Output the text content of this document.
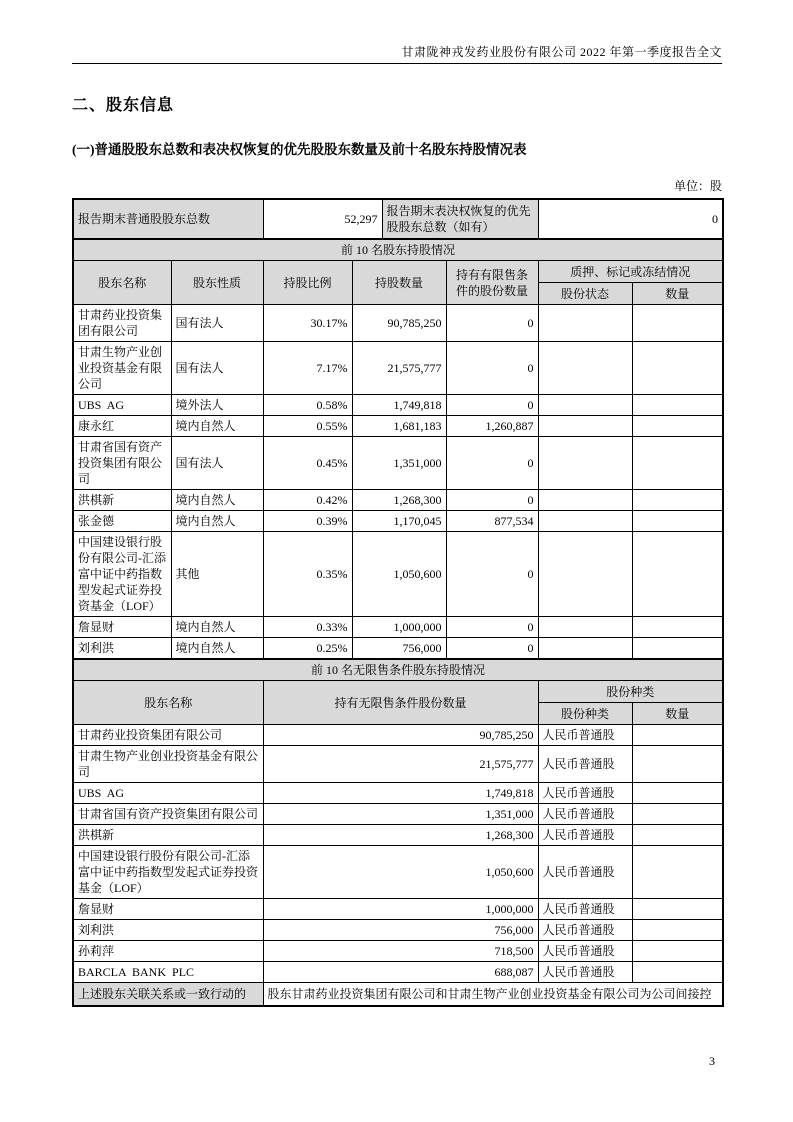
甘肃陇神戎发药业股份有限公司 2022 年第一季度报告全文
二、股东信息
(一)普通股股东总数和表决权恢复的优先股股东数量及前十名股东持股情况表
单位：股
报告期末普通股股东总数		52,297		报告期末表决权恢复的优先股股东总数（如有）		0	
前 10 名股东持股情况							
股东名称	股东性质	持股比例	持股数量		持有有限售条件的股份数量	质押、标记或冻结情况	
						股份状态	数量
甘肃药业投资集团有限公司	国有法人	30.17%	90,785,250		0		
甘肃生物产业创业投资基金有限公司	国有法人	7.17%	21,575,777		0		
UBS  AG	境外法人	0.58%	1,749,818		0		
康永红	境内自然人	0.55%	1,681,183		1,260,887		
甘肃省国有资产投资集团有限公司	国有法人	0.45%	1,351,000		0		
洪棋新	境内自然人	0.42%	1,268,300		0		
张金德	境内自然人	0.39%	1,170,045		877,534		
中国建设银行股份有限公司-汇添富中证中药指数型发起式证券投资基金（LOF）	其他	0.35%	1,050,600		0		
詹显财	境内自然人	0.33%	1,000,000		0		
刘利洪	境内自然人	0.25%	756,000		0		
前 10 名无限售条件股东持股情况							
股东名称		持有无限售条件股份数量				股份种类	
						股份种类	数量
甘肃药业投资集团有限公司		90,785,250				人民币普通股	
甘肃生物产业创业投资基金有限公司		21,575,777				人民币普通股	
UBS  AG		1,749,818				人民币普通股	
甘肃省国有资产投资集团有限公司		1,351,000				人民币普通股	
洪棋新		1,268,300				人民币普通股	
中国建设银行股份有限公司-汇添富中证中药指数型发起式证券投资基金（LOF）		1,050,600				人民币普通股	
詹显财		1,000,000				人民币普通股	
刘利洪		756,000				人民币普通股	
孙莉萍		718,500				人民币普通股	
BARCLA  BANK  PLC		688,087				人民币普通股	
上述股东关联关系或一致行动的		股东甘肃药业投资集团有限公司和甘肃生物产业创业投资基金有限公司为公司间接控					
3
